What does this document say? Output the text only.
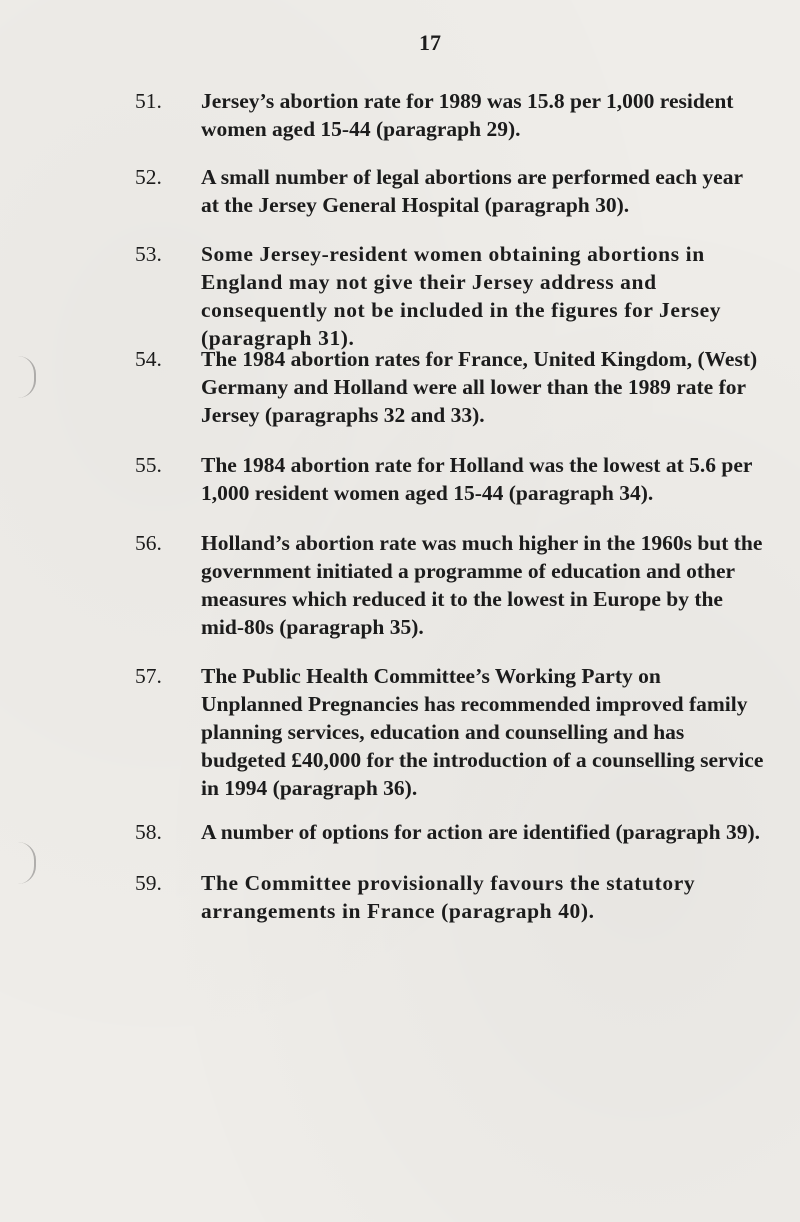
17
51.	Jersey’s abortion rate for 1989 was 15.8 per 1,000 resident women aged 15-44 (paragraph 29).
52.	A small number of legal abortions are performed each year at the Jersey General Hospital (paragraph 30).
53.	Some Jersey-resident women obtaining abortions in England may not give their Jersey address and consequently not be included in the figures for Jersey (paragraph 31).
54.	The 1984 abortion rates for France, United Kingdom, (West) Germany and Holland were all lower than the 1989 rate for Jersey (paragraphs 32 and 33).
55.	The 1984 abortion rate for Holland was the lowest at 5.6 per 1,000 resident women aged 15-44 (paragraph 34).
56.	Holland’s abortion rate was much higher in the 1960s but the government initiated a programme of education and other measures which reduced it to the lowest in Europe by the mid-80s (paragraph 35).
57.	The Public Health Committee’s Working Party on Unplanned Pregnancies has recommended improved family planning services, education and counselling and has budgeted £40,000 for the introduction of a counselling service in 1994 (paragraph 36).
58.	A number of options for action are identified (paragraph 39).
59.	The Committee provisionally favours the statutory arrangements in France (paragraph 40).
